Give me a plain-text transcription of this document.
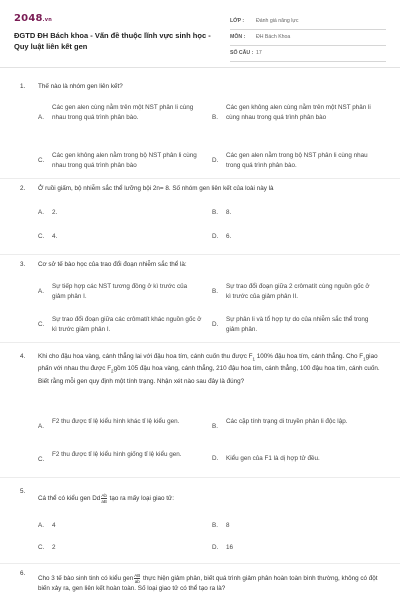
2048.vn
ĐGTD ĐH Bách khoa - Vấn đề thuộc lĩnh vực sinh học - Quy luật liên kết gen
LỚP : Đánh giá năng lực
MÔN : ĐH Bách Khoa
SỐ CÂU : 17
1. Thế nào là nhóm gen liên kết?
A.
Các gen alen cùng nằm trên một NST phân li cùng nhau trong quá trình phân bào.	B.
Các gen không alen cùng nằm trên một NST phân li cùng nhau trong quá trình phân bào
C.
Các gen không alen nằm trong bộ NST phân li cùng nhau trong quá trình phân bào
D.
Các gen alen nằm trong bộ NST phân li cùng nhau trong quá trình phân bào.
2. Ở ruồi giấm, bộ nhiễm sắc thể lưỡng bội 2n= 8. Số nhóm gen liên kết của loài này là
A. 2.	B. 8.
C. 4.	D. 6.
3. Cơ sở tế bào học của trao đổi đoạn nhiễm sắc thể là:
A.
Sự tiếp hợp các NST tương đồng ở kì trước của giảm phân I.
B.
Sự trao đổi đoạn giữa 2 crômatít cùng nguồn gốc ở kì trước của giảm phân II.
C.
Sự trao đổi đoạn giữa các crômatít khác nguồn gốc ở kì trước giảm phân I.
D.
Sự phân li và tổ hợp tự do của nhiễm sắc thể trong giảm phân.
4. Khi cho đậu hoa vàng, cánh thẳng lai với đậu hoa tím, cánh cuốn thu được $F_1$ 100% đậu hoa tím, cánh thẳng. Cho $F_1giao$ phấn với nhau thu được $F_2gồm$ 105 đậu hoa vàng, cánh thẳng, 210 đậu hoa tím, cánh thẳng, 100 đậu hoa tím, cánh cuốn. Biết rằng mỗi gen quy định một tính trạng. Nhận xét nào sau đây là đúng?
A.
F2 thu được tỉ lệ kiểu hình khác tỉ lệ kiểu gen.
B.
Các cặp tính trạng di truyền phân li độc lập.
C.
F2 thu được tỉ lệ kiểu hình giống tỉ lệ kiểu gen.
D. Kiểu gen của F1 là dị hợp tử đều.
5.
Cá thể có kiểu gen Dd $\frac{Ab}{aB}$ tạo ra mấy loại giao tử:
A. 4	B. 8
C. 2	D. 16
6.
Cho 3 tế bào sinh tinh có kiểu gen $\frac{AB}{ab}$ thực hiện giảm phân, biết quá trình giảm phân hoàn toàn bình thường, không có đột biến xảy ra, gen liên kết hoàn toàn. Số loại giao tử có thể tạo ra là?
